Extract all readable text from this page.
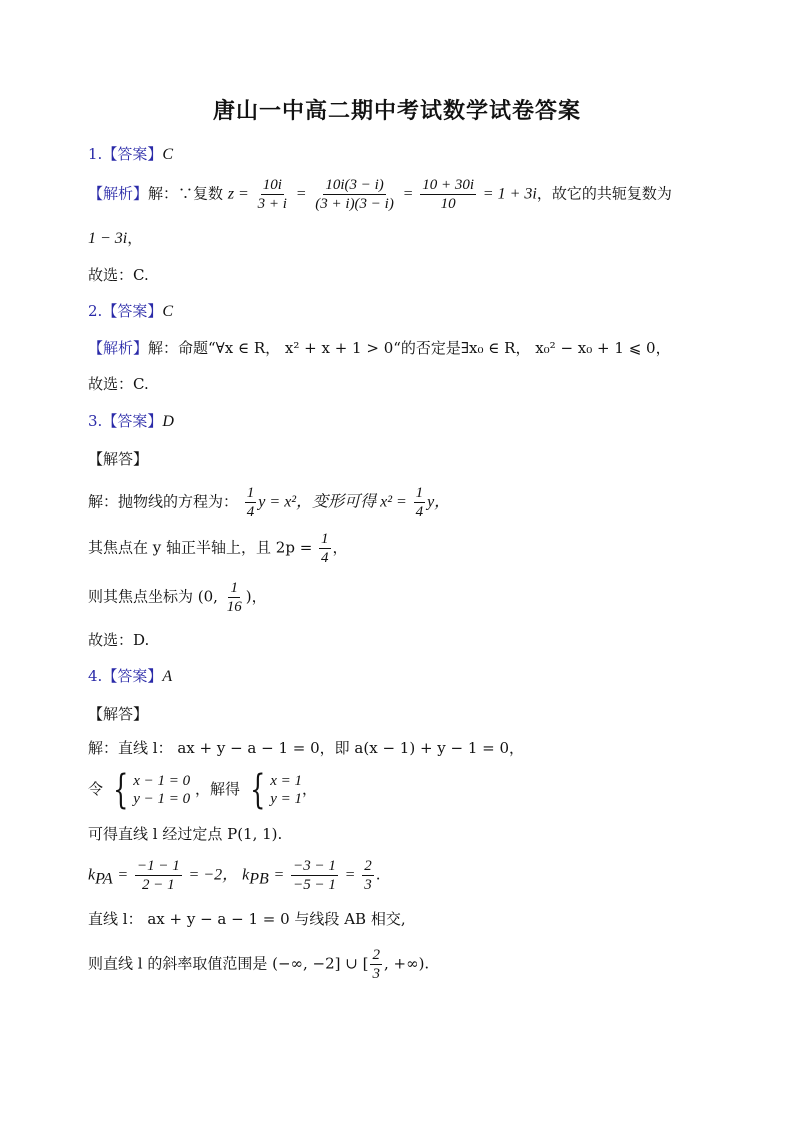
唐山一中高二期中考试数学试卷答案
1.【答案】C
【解析】解：∵复数 $z = \frac{10i}{3 + i} = \frac{10i(3 - i)}{(3 + i)(3 - i)} = \frac{10 + 30i}{10} = 1 + 3i$，故它的共轭复数为
1 − 3i，
故选：C.
2.【答案】C
【解析】解：命题“∀x ∈ R， x² + x + 1 > 0“的否定是∃x₀ ∈ R， x₀² − x₀ + 1 ⩽ 0，
故选：C.
3.【答案】D
【解答】
解：抛物线的方程为： $\frac{1}{4}$ y = x²，变形可得 $x^2 = \frac{1}{4}$ y，
其焦点在 y 轴正半轴上，且 $2p = \frac{1}{4}$ ，
则其焦点坐标为 (0, $\frac{1}{16}$ )，
故选：D.
4.【答案】A
【解答】
解：直线 l： ax + y − a − 1 = 0，即 a(x − 1) + y − 1 = 0，
令 { x − 1 = 0
y − 1 = 0
，解得 { x = 1
y = 1
，
可得直线 l 经过定点 P(1, 1).
$k_{PA} = \frac{-1 - 1}{2 - 1} = -2$， $k_{PB} = \frac{-3 - 1}{-5 - 1} = \frac{2}{3}$ .
直线 l： ax + y − a − 1 = 0 与线段 AB 相交,
则直线 l 的斜率取值范围是 (−∞, −2] ∪ [ $\frac{2}{3}$ , +∞).
